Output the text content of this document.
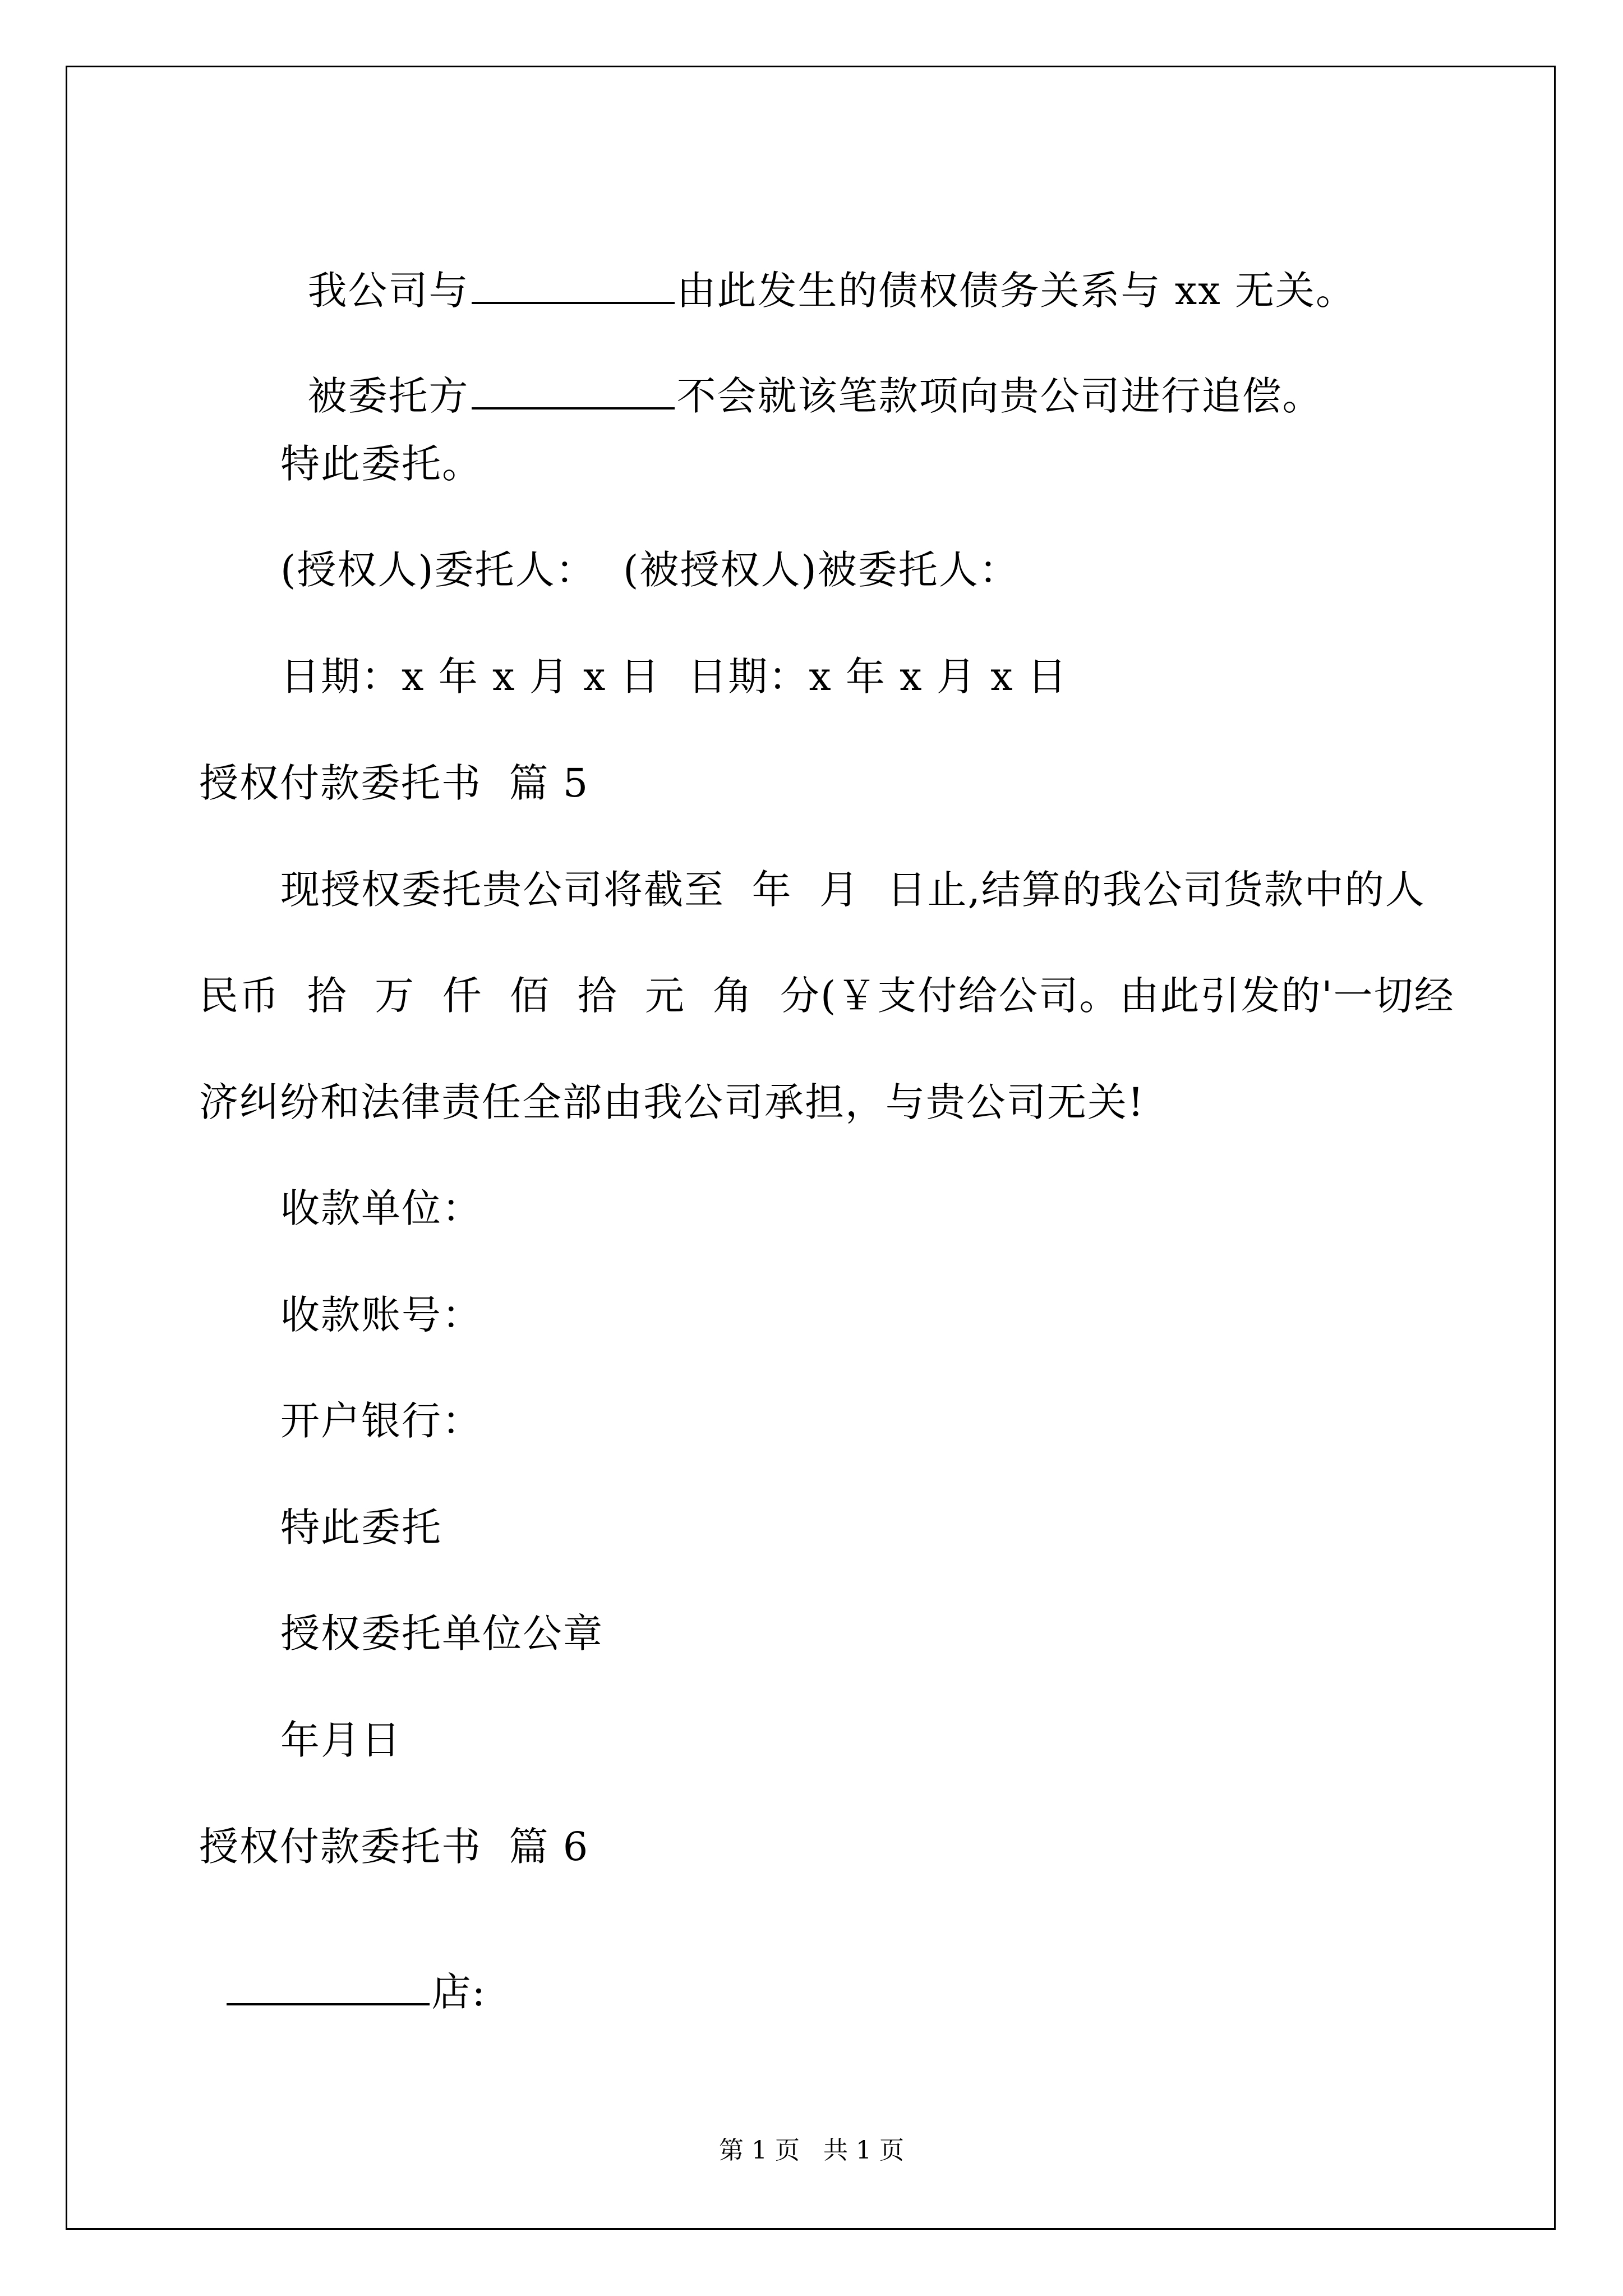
我公司与	由此发生的债权债务关系与 xx 无关。

被委托方	不会就该笔款项向贵公司进行追偿。

特此委托。
(授权人)委托人：  (被授权人)被委托人：
日期：x 年 x 月 x 日  日期：x 年 x 月 x 日
授权付款委托书  篇 5
现授权委托贵公司将截至  年  月  日止,结算的我公司货款中的人
民币  拾  万  仟  佰  拾  元  角  分(￥支付给公司。由此引发的'一切经
济纠纷和法律责任全部由我公司承担，与贵公司无关!
收款单位：
收款账号：
开户银行：
特此委托
授权委托单位公章
年月日
授权付款委托书  篇 6

店:

第 1 页   共 1 页
